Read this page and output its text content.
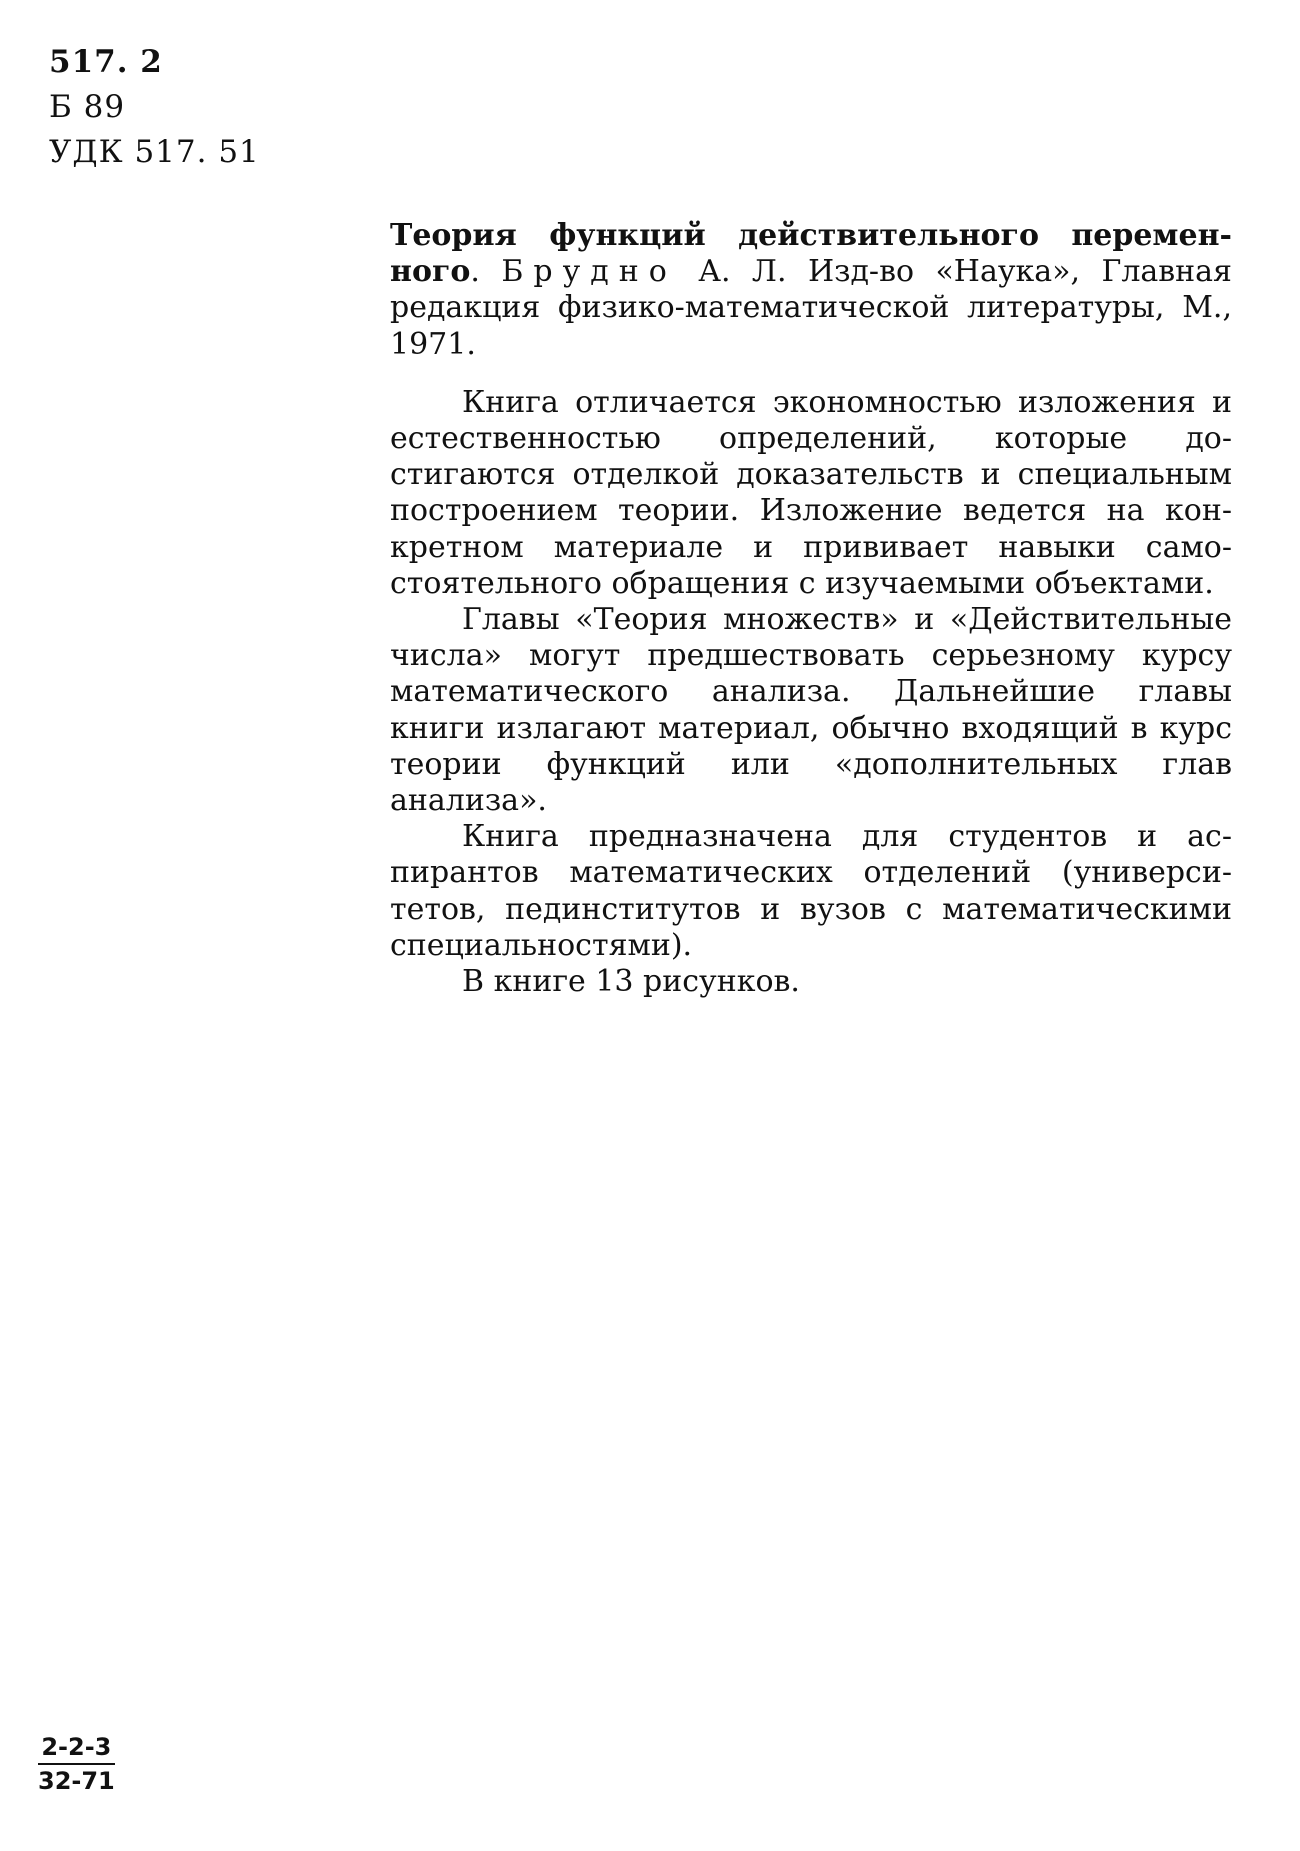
517. 2
Б 89
УДК 517. 51

Теория функций действительного переменного. Брудно А. Л. Изд-во «Наука», Главная редакция физико-математической литературы, М., 1971.

Книга отличается экономностью изложения и естественностью определений, которые достигаются отделкой доказательств и специальным построением теории. Изложение ведется на конкретном материале и прививает навыки самостоятельного обращения с изучаемыми объектами.

Главы «Теория множеств» и «Действительные числа» могут предшествовать серьезному курсу математического анализа. Дальнейшие главы книги излагают материал, обычно входящий в курс теории функций или «дополнительных глав анализа».

Книга предназначена для студентов и аспирантов математических отделений (университетов, пединститутов и вузов с математическими специальностями).

В книге 13 рисунков.

$\frac{2-2-3}{32-71}$
